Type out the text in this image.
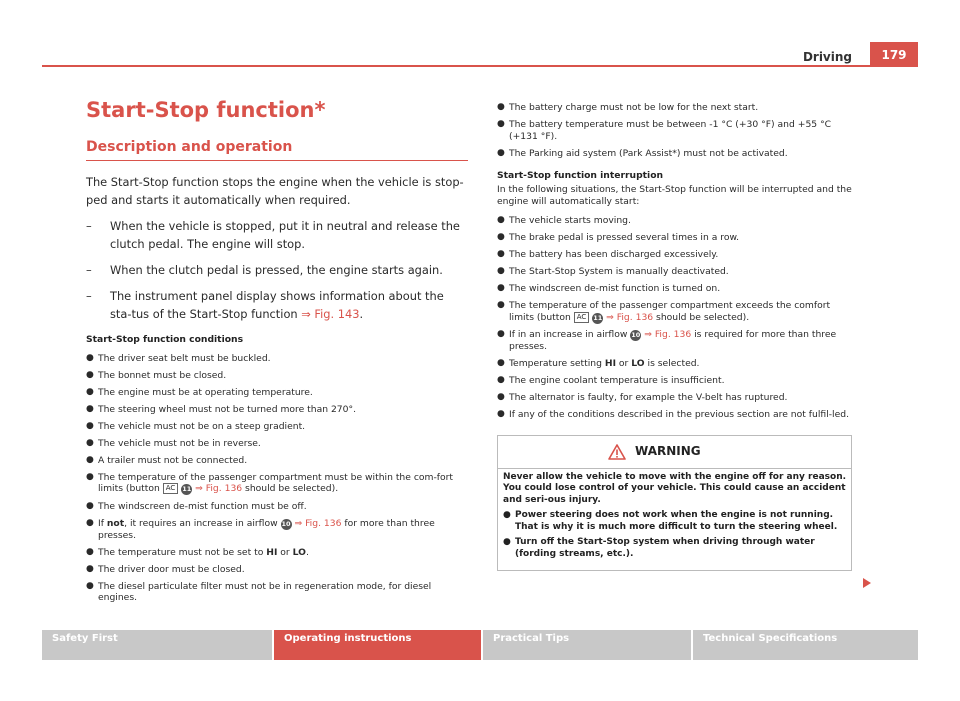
Driving	179
Start-Stop function*
Description and operation

The Start-Stop function stops the engine when the vehicle is stop-ped and starts it automatically when required.

– When the vehicle is stopped, put it in neutral and release the clutch pedal. The engine will stop.
– When the clutch pedal is pressed, the engine starts again.
– The instrument panel display shows information about the sta-tus of the Start-Stop function ⇒ Fig. 143.
Start-Stop function conditions
● The driver seat belt must be buckled.
● The bonnet must be closed.
● The engine must be at operating temperature.
● The steering wheel must not be turned more than 270°.
● The vehicle must not be on a steep gradient.
● The vehicle must not be in reverse.
● A trailer must not be connected.
● The temperature of the passenger compartment must be within the com-fort limits (button AC 11 ⇒ Fig. 136 should be selected).
● The windscreen de-mist function must be off.
● If not, it requires an increase in airflow 10 ⇒ Fig. 136 for more than three presses.
● The temperature must not be set to HI or LO.
● The driver door must be closed.
● The diesel particulate filter must not be in regeneration mode, for diesel engines.
● The battery charge must not be low for the next start.
● The battery temperature must be between -1 °C (+30 °F) and +55 °C (+131 °F).
● The Parking aid system (Park Assist*) must not be activated.
Start-Stop function interruption
In the following situations, the Start-Stop function will be interrupted and the engine will automatically start:
● The vehicle starts moving.
● The brake pedal is pressed several times in a row.
● The battery has been discharged excessively.
● The Start-Stop System is manually deactivated.
● The windscreen de-mist function is turned on.
● The temperature of the passenger compartment exceeds the comfort limits (button AC 11 ⇒ Fig. 136 should be selected).
● If in an increase in airflow 10 ⇒ Fig. 136 is required for more than three presses.
● Temperature setting HI or LO is selected.
● The engine coolant temperature is insufficient.
● The alternator is faulty, for example the V-belt has ruptured.
● If any of the conditions described in the previous section are not fulfil-led.
WARNING
Never allow the vehicle to move with the engine off for any reason. You could lose control of your vehicle. This could cause an accident and seri-ous injury.
● Power steering does not work when the engine is not running. That is why it is much more difficult to turn the steering wheel.
● Turn off the Start-Stop system when driving through water (fording streams, etc.).
Safety First	Operating instructions	Practical Tips	Technical Specifications
